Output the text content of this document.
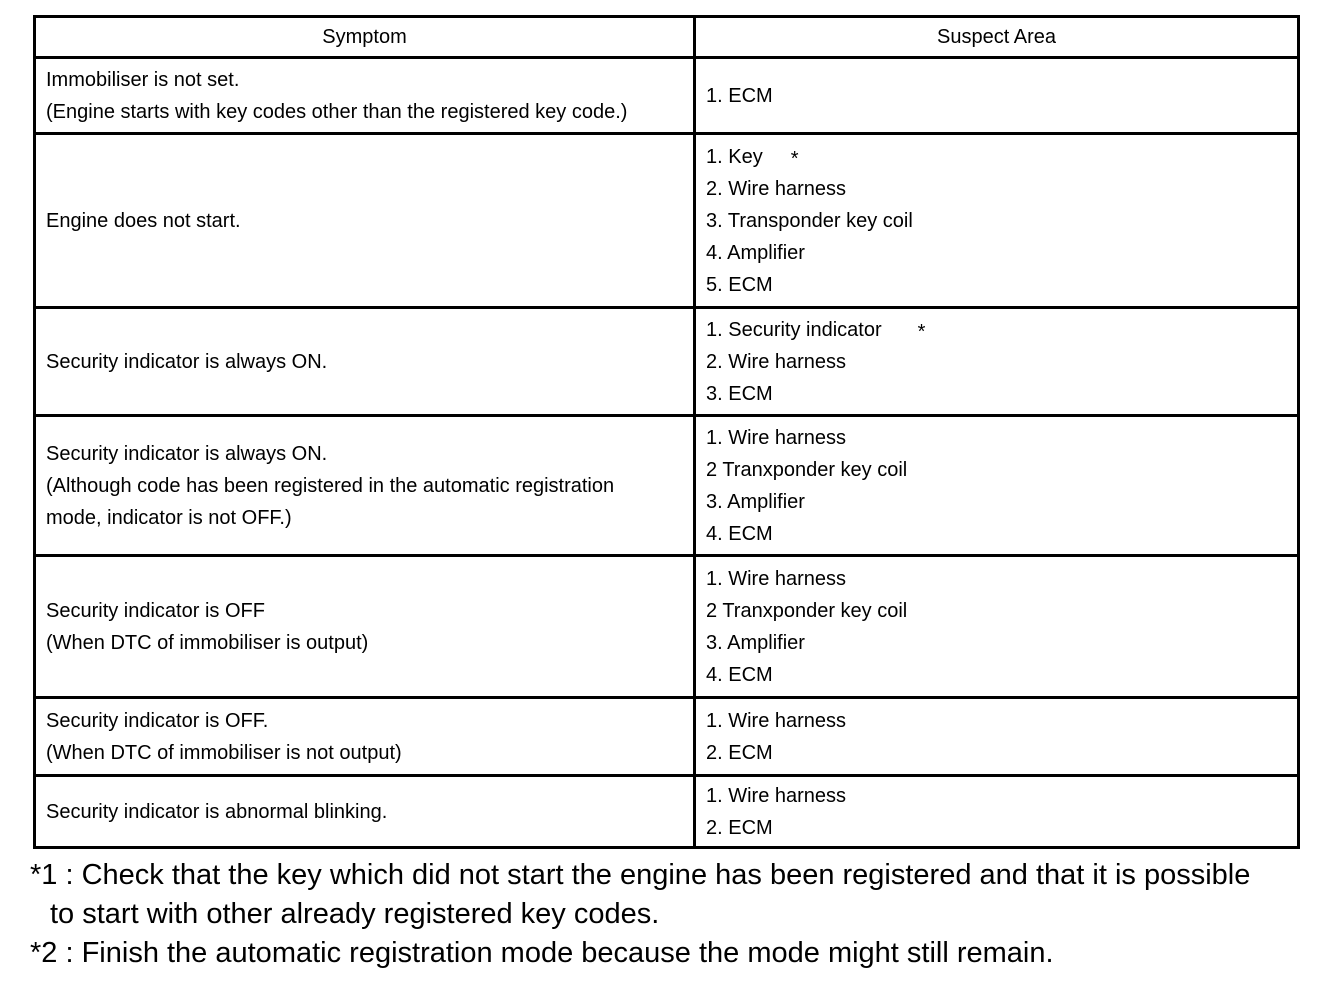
Symptom	Suspect Area

Immobiliser is not set.
(Engine starts with key codes other than the registered key code.)	1. ECM

Engine does not start.	1. Key *
2. Wire harness
3. Transponder key coil
4. Amplifier
5. ECM

Security indicator is always ON.	1. Security indicator *
2. Wire harness
3. ECM

Security indicator is always ON.
(Although code has been registered in the automatic registration
mode, indicator is not OFF.)	1. Wire harness
2 Tranxponder key coil
3. Amplifier
4. ECM

Security indicator is OFF
(When DTC of immobiliser is output)	1. Wire harness
2 Tranxponder key coil
3. Amplifier
4. ECM

Security indicator is OFF.
(When DTC of immobiliser is not output)	1. Wire harness
2. ECM

Security indicator is abnormal blinking.	1. Wire harness
2. ECM
*1 : Check that the key which did not start the engine has been registered and that it is possible
to start with other already registered key codes.
*2 : Finish the automatic registration mode because the mode might still remain.
